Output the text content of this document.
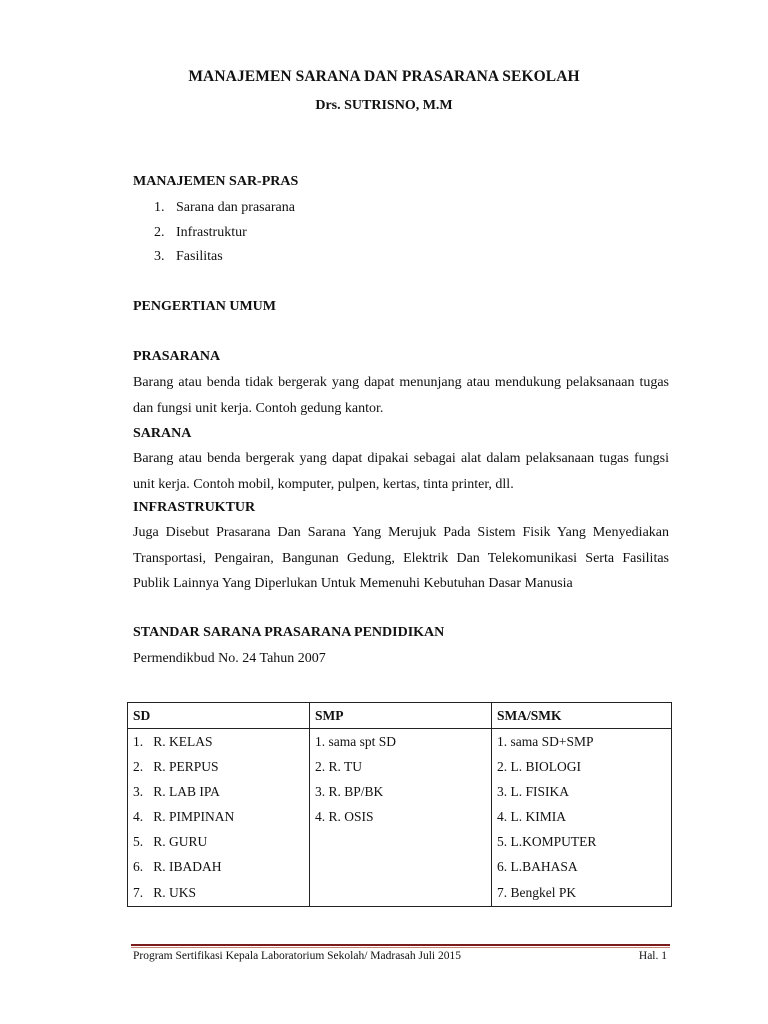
MANAJEMEN SARANA DAN PRASARANA SEKOLAH
Drs. SUTRISNO, M.M
MANAJEMEN SAR-PRAS
1. Sarana dan prasarana
2. Infrastruktur
3. Fasilitas
PENGERTIAN UMUM
PRASARANA

Barang atau benda tidak bergerak yang dapat menunjang atau mendukung pelaksanaan tugas dan fungsi unit kerja. Contoh gedung kantor.

SARANA

Barang atau benda bergerak yang dapat dipakai sebagai alat dalam pelaksanaan tugas fungsi unit kerja. Contoh mobil, komputer, pulpen, kertas, tinta printer, dll.

INFRASTRUKTUR

Juga Disebut Prasarana Dan Sarana Yang Merujuk Pada Sistem Fisik Yang Menyediakan Transportasi, Pengairan, Bangunan Gedung, Elektrik Dan Telekomunikasi Serta Fasilitas Publik Lainnya Yang Diperlukan Untuk Memenuhi Kebutuhan Dasar Manusia

STANDAR SARANA PRASARANA PENDIDIKAN
Permendikbud No. 24 Tahun 2007
SD	SMP	SMA/SMK
1.   R. KELAS	1. sama spt SD	1. sama SD+SMP
2.   R. PERPUS	2. R. TU	2. L. BIOLOGI
3.   R. LAB IPA	3. R. BP/BK	3. L. FISIKA
4.   R. PIMPINAN	4. R. OSIS	4. L. KIMIA
5.   R. GURU		5. L.KOMPUTER
6.   R. IBADAH		6. L.BAHASA
7.   R. UKS		7. Bengkel PK
Program Sertifikasi Kepala Laboratorium Sekolah/ Madrasah Juli 2015	Hal. 1
